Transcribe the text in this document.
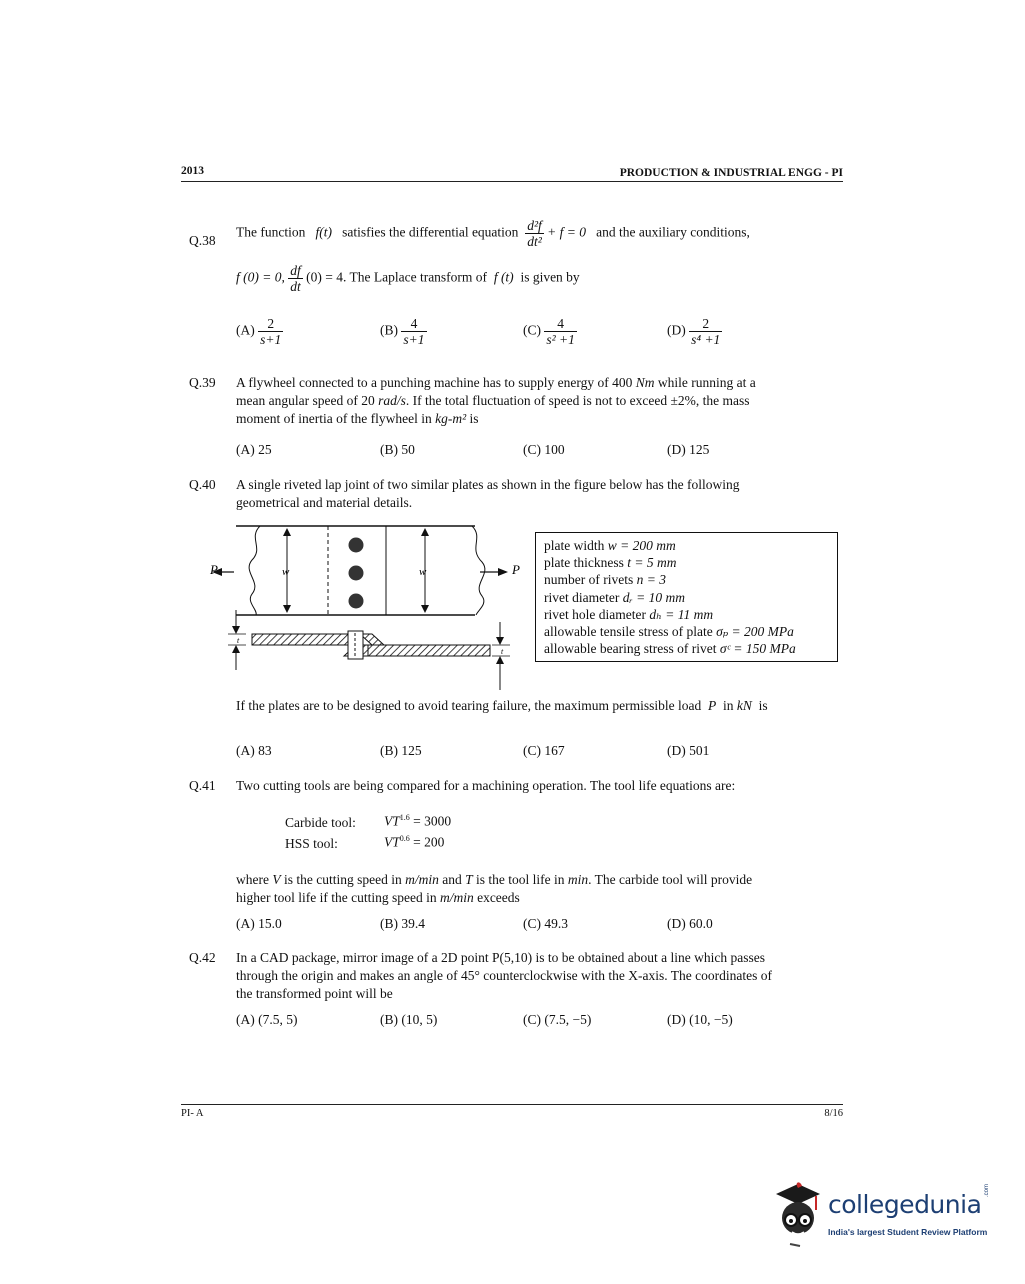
2013	PRODUCTION & INDUSTRIAL ENGG - PI
Q.38
The function f(t) satisfies the differential equation $\frac{\text{d²f}}{\text{dt²}} + f = 0$ and the auxiliary conditions,
f (0) = 0, $\frac{df}{dt} (0) = 4$. The Laplace transform of f (t) is given by
$(A) \frac{2}{s+1}$	$(B) \frac{4}{s+1}$	$(C) \frac{4}{\text{s² +1}}$	$(D) \frac{2}{\text{s⁴ +1}}$
Q.39 A flywheel connected to a punching machine has to supply energy of 400 Nm while running at a
mean angular speed of 20 rad/s. If the total fluctuation of speed is not to exceed ±2%, the mass
moment of inertia of the flywheel in kg-m² is
(A) 25	(B) 50	(C) 100	(D) 125
Q.40 A single riveted lap joint of two similar plates as shown in the figure below has the following
geometrical and material details.
P	P
w	w
t
t
plate width w = 200 mm
plate thickness t = 5 mm
number of rivets n = 3
rivet diameter dᵣ = 10 mm
rivet hole diameter dₕ = 11 mm
allowable tensile stress of plate σₚ = 200 MPa
allowable bearing stress of rivet σᶜ = 150 MPa
If the plates are to be designed to avoid tearing failure, the maximum permissible load P in kN is
(A) 83	(B) 125	(C) 167	(D) 501
Q.41 Two cutting tools are being compared for a machining operation. The tool life equations are:
Carbide tool: $VT^{1.6} = 3000$
HSS tool:	$VT^{0.6} = 200$
where V is the cutting speed in m/min and T is the tool life in min. The carbide tool will provide
higher tool life if the cutting speed in m/min exceeds
(A) 15.0	(B) 39.4	(C) 49.3	(D) 60.0
Q.42 In a CAD package, mirror image of a 2D point P(5,10) is to be obtained about a line which passes
through the origin and makes an angle of 45° counterclockwise with the X-axis. The coordinates of
the transformed point will be
(A) (7.5, 5)	(B) (10, 5)	(C) (7.5, −5)	(D) (10, −5)
PI- A	8/16
collegedunia .com
India's largest Student Review Platform
